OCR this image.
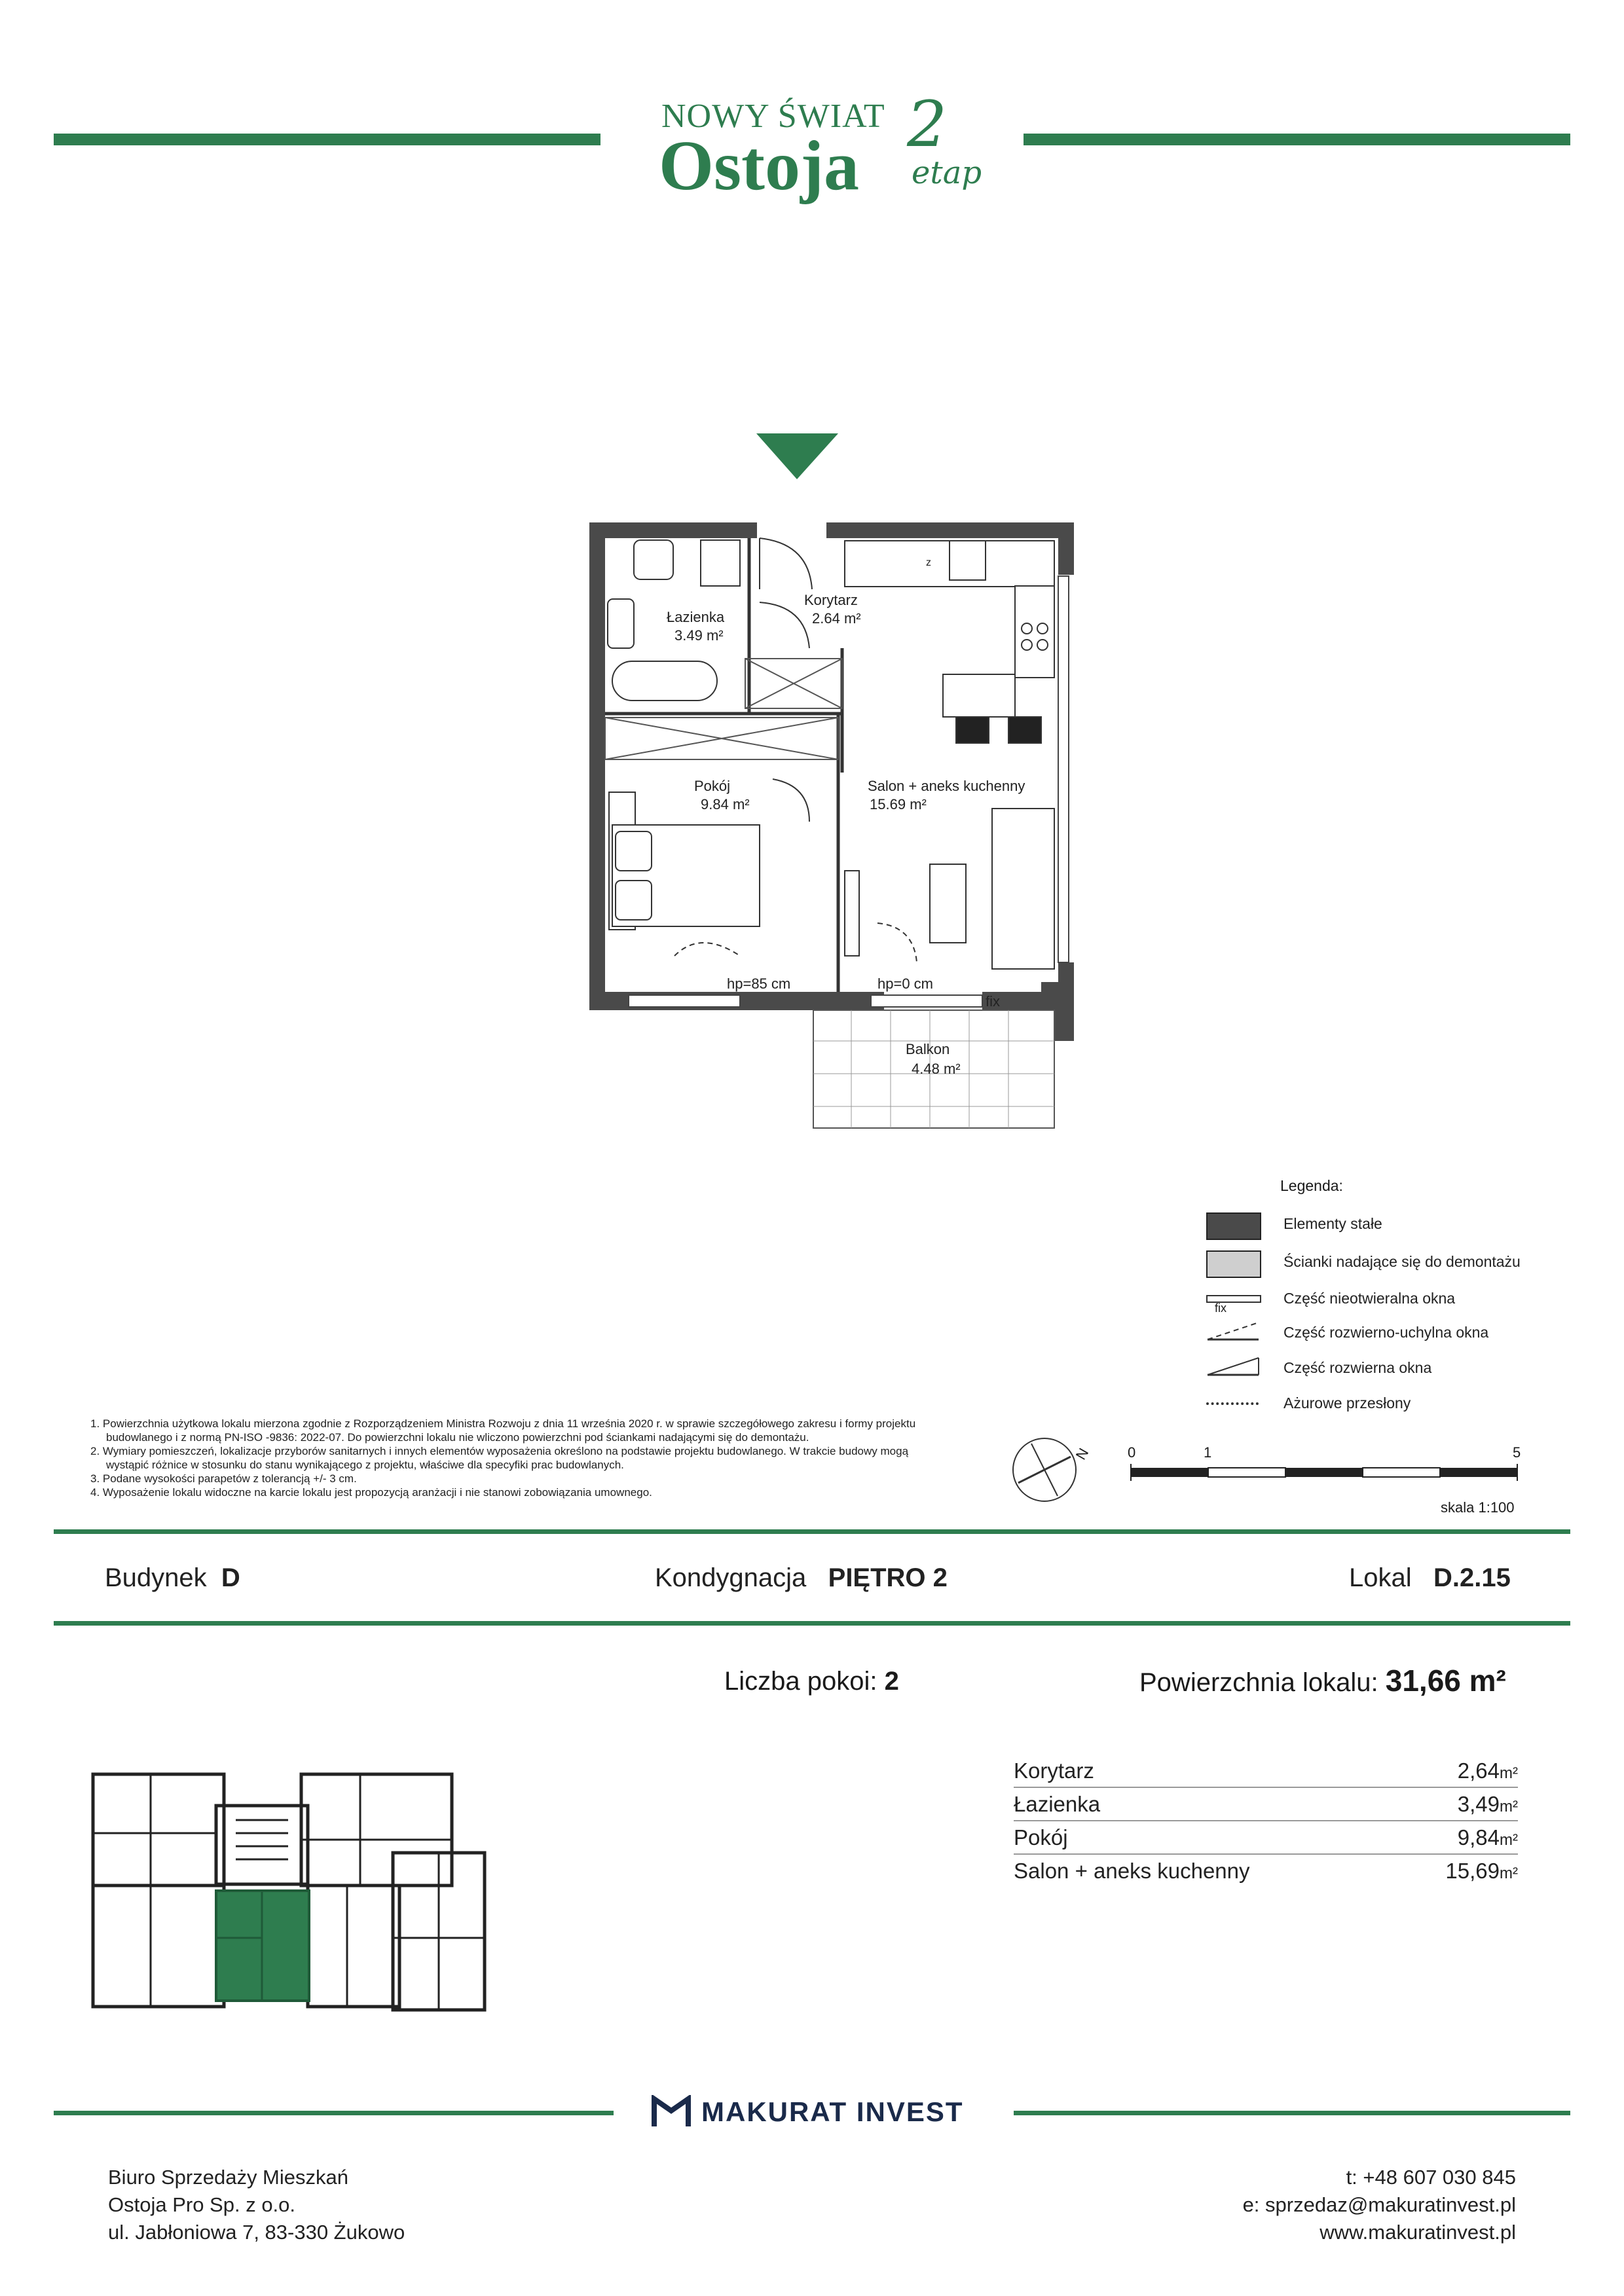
NOWY ŚWIAT
Ostoja
2
etap
Łazienka
3.49 m²
Korytarz
2.64 m²
Pokój
9.84 m²
Salon + aneks kuchenny
15.69 m²
Balkon
4.48 m²
hp=85 cm	hp=0 cm
fix
z
Legenda:
Elementy stałe
Ścianki nadające się do demontażu
fix
Część nieotwieralna okna
Część rozwierno-uchylna okna
Część rozwierna okna
Ażurowe przesłony
1. Powierzchnia użytkowa lokalu mierzona zgodnie z Rozporządzeniem Ministra Rozwoju z dnia 11 września 2020 r. w sprawie szczegółowego zakresu i formy projektu budowlanego i z normą PN-ISO -9836: 2022-07. Do powierzchni lokalu nie wliczono powierzchni pod ściankami nadającymi się do demontażu.
2. Wymiary pomieszczeń, lokalizacje przyborów sanitarnych i innych elementów wyposażenia określono na podstawie projektu budowlanego. W trakcie budowy mogą wystąpić różnice w stosunku do stanu wynikającego z projektu, właściwe dla specyfiki prac budowlanych.
3. Podane wysokości parapetów z tolerancją +/- 3 cm.
4. Wyposażenie lokalu widoczne na karcie lokalu jest propozycją aranżacji i nie stanowi zobowiązania umownego.
N 0	1	5
skala 1:100
Budynek D	Kondygnacja PIĘTRO 2	Lokal D.2.15
Liczba pokoi: 2	Powierzchnia lokalu: 31,66 m²
Korytarz	2,64m²
Łazienka	3,49m²
Pokój	9,84m²
Salon + aneks kuchenny	15,69m²
MAKURAT INVEST
Biuro Sprzedaży Mieszkań
Ostoja Pro Sp. z o.o.
ul. Jabłoniowa 7, 83-330 Żukowo
t: +48 607 030 845
e: sprzedaz@makuratinvest.pl
www.makuratinvest.pl
